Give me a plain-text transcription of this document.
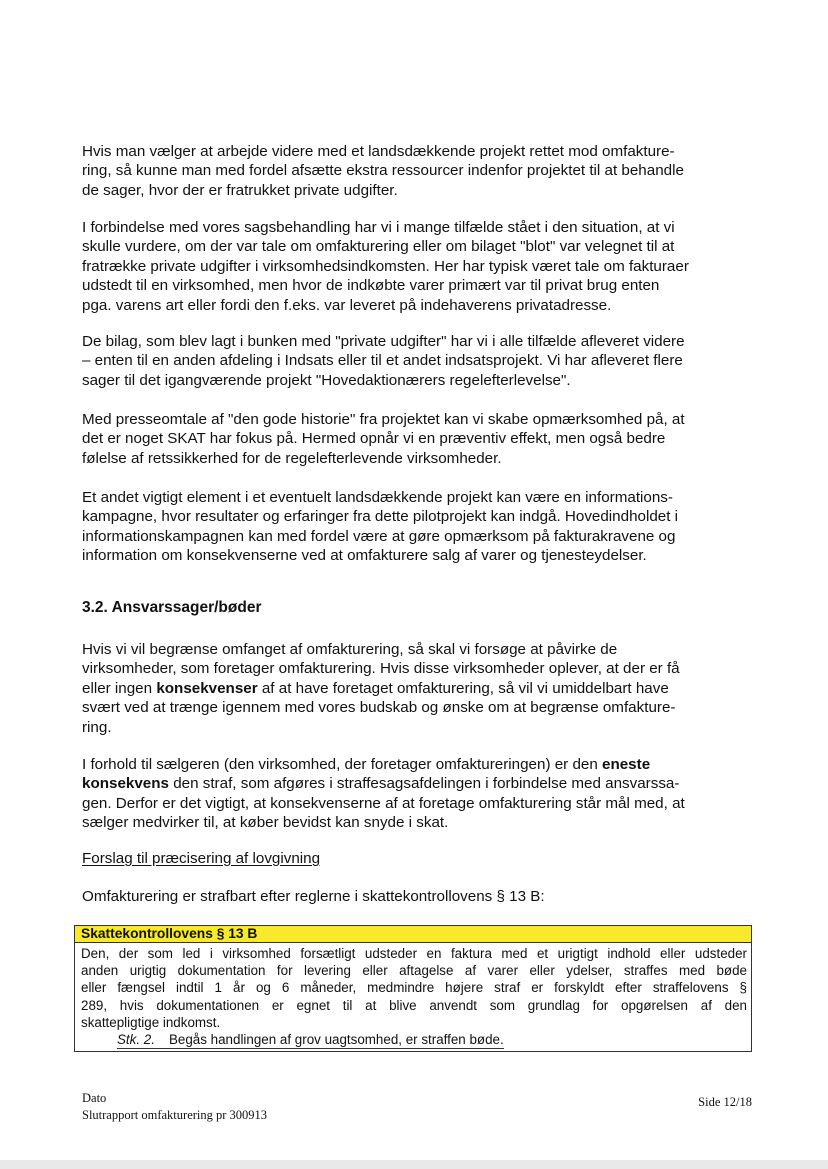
Hvis man vælger at arbejde videre med et landsdækkende projekt rettet mod omfakture-
ring, så kunne man med fordel afsætte ekstra ressourcer indenfor projektet til at behandle
de sager, hvor der er fratrukket private udgifter.
I forbindelse med vores sagsbehandling har vi i mange tilfælde stået i den situation, at vi
skulle vurdere, om der var tale om omfakturering eller om bilaget "blot" var velegnet til at
fratrække private udgifter i virksomhedsindkomsten. Her har typisk været tale om fakturaer
udstedt til en virksomhed, men hvor de indkøbte varer primært var til privat brug enten
pga. varens art eller fordi den f.eks. var leveret på indehaverens privatadresse.
De bilag, som blev lagt i bunken med "private udgifter" har vi i alle tilfælde afleveret videre
– enten til en anden afdeling i Indsats eller til et andet indsatsprojekt. Vi har afleveret flere
sager til det igangværende projekt "Hovedaktionærers regelefterlevelse".
Med presseomtale af "den gode historie" fra projektet kan vi skabe opmærksomhed på, at
det er noget SKAT har fokus på. Hermed opnår vi en præventiv effekt, men også bedre
følelse af retssikkerhed for de regelefterlevende virksomheder.
Et andet vigtigt element i et eventuelt landsdækkende projekt kan være en informations-
kampagne, hvor resultater og erfaringer fra dette pilotprojekt kan indgå. Hovedindholdet i
informationskampagnen kan med fordel være at gøre opmærksom på fakturakravene og
information om konsekvenserne ved at omfakturere salg af varer og tjenesteydelser.
3.2. Ansvarssager/bøder
Hvis vi vil begrænse omfanget af omfakturering, så skal vi forsøge at påvirke de
virksomheder, som foretager omfakturering. Hvis disse virksomheder oplever, at der er få
eller ingen konsekvenser af at have foretaget omfakturering, så vil vi umiddelbart have
svært ved at trænge igennem med vores budskab og ønske om at begrænse omfakture-
ring.
I forhold til sælgeren (den virksomhed, der foretager omfaktureringen) er den eneste
konsekvens den straf, som afgøres i straffesagsafdelingen i forbindelse med ansvarssa-
gen. Derfor er det vigtigt, at konsekvenserne af at foretage omfakturering står mål med, at
sælger medvirker til, at køber bevidst kan snyde i skat.

Forslag til præcisering af lovgivning

Omfakturering er strafbart efter reglerne i skattekontrollovens § 13 B:
Skattekontrollovens § 13 B
Den, der som led i virksomhed forsætligt udsteder en faktura med et urigtigt indhold eller udsteder
anden urigtig dokumentation for levering eller aftagelse af varer eller ydelser, straffes med bøde
eller fængsel indtil 1 år og 6 måneder, medmindre højere straf er forskyldt efter straffelovens §
289, hvis dokumentationen er egnet til at blive anvendt som grundlag for opgørelsen af den
skattepligtige indkomst.
Stk. 2. Begås handlingen af grov uagtsomhed, er straffen bøde.
Dato
Slutrapport omfakturering pr 300913
Side 12/18
